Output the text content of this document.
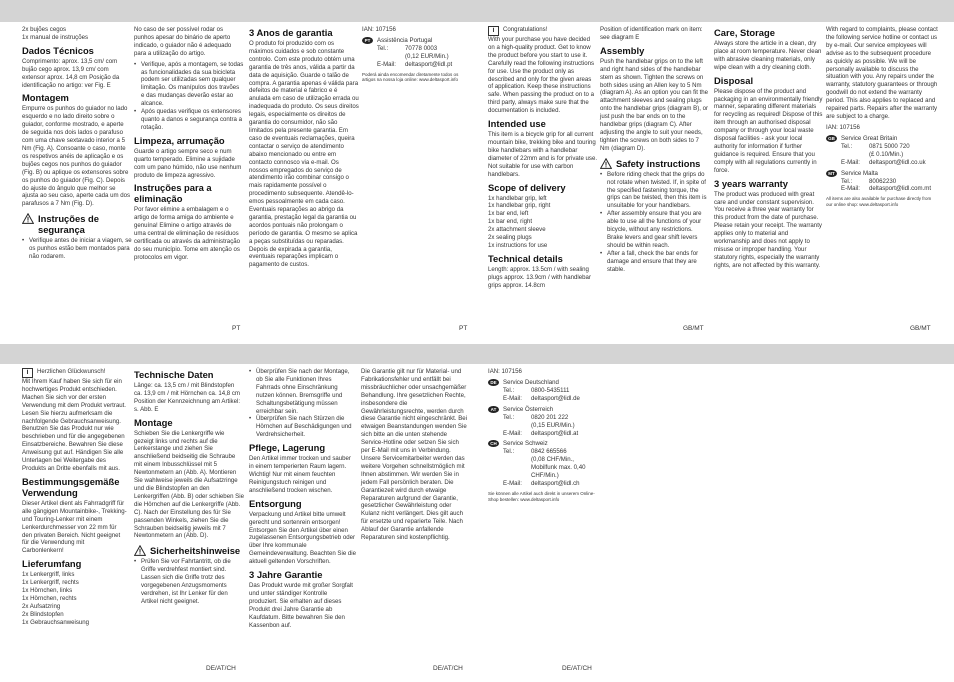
2x bujões cegos
1x manual de instruções

Dados Técnicos

Comprimento: aprox. 13,5 cm/ com bujão cego aprox. 13,9 cm/ com extensor aprox. 14,8 cm Posição da identificação no artigo: ver Fig. E

Montagem

Empurre os punhos do guiador no lado esquerdo e no lado direito sobre o guiador, conforme mostrado, e aperte de seguida nos dois lados o parafuso com uma chave sextavado interior a 5 Nm (Fig. A). Consoante o caso, monte os respetivos anéis de aplicação e os bujões cegos nos punhos do guiador (Fig. B) ou aplique os extensores sobre os punhos do guiador (Fig. C). Depois do ajuste do ângulo que melhor se ajusta ao seu caso, aperte cada um dos parafusos a 7 Nm (Fig. D).

Instruções de segurança
• Verifique antes de iniciar a viagem, se os punhos estão bem montados para não rodarem.

No caso de ser possível rodar os punhos apesar do binário de aperto indicado, o guiador não é adequado para a utilização do artigo.

• Verifique, após a montagem, se todas as funcionalidades da sua bicicleta podem ser utilizadas sem qualquer limitação. Os manípulos dos travões e das mudanças deverão estar ao alcance.
• Após quedas verifique os extensores quanto a danos e segurança contra a rotação.
Limpeza, arrumação

Guarde o artigo sempre seco e num quarto temperado. Elimine a sujidade com um pano húmido, não use nenhum produto de limpeza agressivo.

Instruções para a eliminação

Por favor elimine a embalagem e o artigo de forma amiga do ambiente e genuína! Elimine o artigo através de uma central de eliminação de resíduos certificada ou através da administração do seu município. Tome em atenção os protocolos em vigor.

3 Anos de garantia

O produto foi produzido com os máximos cuidados e sob constante controlo. Com este produto obtém uma garantia de três anos, válida a partir da data de aquisição. Guarde o talão de compra. A garantia apenas é válida para defeitos de material e fabrico e é anulada em caso de utilização errada ou inadequada do produto. Os seus direitos legais, especialmente os direitos de garantia do consumidor, não são limitados pela presente garantia. Em caso de eventuais reclamações, queira contactar o serviço de atendimento abaixo mencionado ou entre em contacto connosco via e-mail. Os nossos empregados do serviço de atendimento irão combinar consigo o mais rapidamente possível o procedimento subsequente. Atendê-lo-emos pessoalmente em cada caso. Eventuais reparações ao abrigo da garantia, prestação legal da garantia ou acordos pontuais não prolongam o período de garantia. O mesmo se aplica a peças substituídas ou reparadas. Depois de expirada a garantia, eventuais reparações implicam o pagamento de custos.

IAN: 107156

PT Assistência Portugal
Tel.:	70778 0003
(0,12 EUR/Min.)
E-Mail:	deltasport@lidl.pt

Poderá ainda encomendar diretamente todos os artigos na nossa loja online: www.deltasport.info

i	Congratulations!

With your purchase you have decided on a high-quality product. Get to know the product before you start to use it. Carefully read the following instructions for use. Use the product only as described and only for the given areas of application. Keep these instructions safe. When passing the product on to a third party, always make sure that the documentation is included.

Intended use

This item is a bicycle grip for all current mountain bike, trekking bike and touring bike handlebars with a handlebar diameter of 22mm and is for private use. Not suitable for use with carbon handlebars.

Scope of delivery

1x handlebar grip, left
1x handlebar grip, right
1x bar end, left
1x bar end, right
2x attachment sleeve
2x sealing plugs
1x instructions for use

Technical details

Length: approx. 13.5cm / with sealing plugs approx. 13.9cm / with handlebar grips approx. 14.8cm

Position of identification mark on item: see diagram E

Assembly

Push the handlebar grips on to the left and right hand sides of the handlebar stem as shown. Tighten the screws on both sides using an Allen key to 5 Nm (diagram A). As an option you can fit the attachment sleeves and sealing plugs onto the handlebar grips (diagram B), or just push the bar ends on to the handlebar grips (diagram C). After adjusting the angle to suit your needs, tighten the screws on both sides to 7 Nm (diagram D).

Safety instructions
• Before riding check that the grips do not rotate when twisted. If, in spite of the specified fastening torque, the grips can be twisted, then this item is unsuitable for your handlebars.
• After assembly ensure that you are able to use all the functions of your bicycle, without any restrictions. Brake levers and gear shift levers should be within reach.
• After a fall, check the bar ends for damage and ensure that they are stable.
Care, Storage

Always store the article in a clean, dry place at room temperature. Never clean with abrasive cleaning materials, only wipe clean with a dry cleaning cloth.

Disposal

Please dispose of the product and packaging in an environmentally friendly manner, separating different materials for recycling as required! Dispose of this item through an authorised disposal company or through your local waste disposal facilities - ask your local authority for information if further guidance is required. Ensure that you comply with all regulations currently in force.

3 years warranty

The product was produced with great care and under constant supervision. You receive a three year warranty for this product from the date of purchase. Please retain your receipt. The warranty applies only to material and workmanship and does not apply to misuse or improper handling. Your statutory rights, especially the warranty rights, are not affected by this warranty.

With regard to complaints, please contact the following service hotline or contact us by e-mail. Our service employees will advise as to the subsequent procedure as quickly as possible. We will be personally available to discuss the situation with you. Any repairs under the warranty, statutory guarantees or through goodwill do not extend the warranty period. This also applies to replaced and repaired parts. Repairs after the warranty are subject to a charge.

IAN: 107156

GB Service Great Britain
Tel.:	0871 5000 720
(£ 0.10/Min.)
E-Mail:	deltasport@lidl.co.uk
MT Service Malta
Tel.:	80062230
E-Mail:	deltasport@lidl.com.mt

All items are also available for purchase directly from our online shop: www.deltasport.info

PT	PT	GB/MT	GB/MT
i	Herzlichen Glückwunsch!

Mit Ihrem Kauf haben Sie sich für ein hochwertiges Produkt entschieden. Machen Sie sich vor der ersten Verwendung mit dem Produkt vertraut. Lesen Sie hierzu aufmerksam die nachfolgende Gebrauchsanweisung. Benutzen Sie das Produkt nur wie beschrieben und für die angegebenen Einsatzbereiche. Bewahren Sie diese Anweisung gut auf. Händigen Sie alle Unterlagen bei Weitergabe des Produkts an Dritte ebenfalls mit aus.

Bestimmungsgemäße Verwendung

Dieser Artikel dient als Fahrradgriff für alle gängigen Mountainbike-, Trekking- und Touring-Lenker mit einem Lenkerdurchmesser von 22 mm für den privaten Bereich. Nicht geeignet für die Verwendung mit Carbonlenkern!

Lieferumfang

1x Lenkergriff, links
1x Lenkergriff, rechts
1x Hörnchen, links
1x Hörnchen, rechts
2x Aufsatzring
2x Blindstopfen
1x Gebrauchsanweisung

Technische Daten

Länge: ca. 13,5 cm / mit Blindstopfen ca. 13,9 cm / mit Hörnchen ca. 14,8 cm Position der Kennzeichnung am Artikel: s. Abb. E

Montage

Schieben Sie die Lenkergriffe wie gezeigt links und rechts auf die Lenkerstange und ziehen Sie anschließend beidseitig die Schraube mit einem Inbusschlüssel mit 5 Newtonmetern an (Abb. A). Montieren Sie wahlweise jeweils die Aufsatzringe und die Blindstopfen an den Lenkergriffen (Abb. B) oder schieben Sie die Hörnchen auf die Lenkergriffe (Abb. C). Nach der Einstellung des für Sie passenden Winkels, ziehen Sie die Schrauben beidseitig jeweils mit 7 Newtonmetern an (Abb. D).

Sicherheitshinweise
• Prüfen Sie vor Fahrtantritt, ob die Griffe verdrehfest montiert sind. Lassen sich die Griffe trotz des vorgegebenen Anzugsmoments verdrehen, ist Ihr Lenker für den Artikel nicht geeignet.
• Überprüfen Sie nach der Montage, ob Sie alle Funktionen Ihres Fahrrads ohne Einschränkung nutzen können. Bremsgriffe und Schaltungsbetätigung müssen erreichbar sein.
• Überprüfen Sie nach Stürzen die Hörnchen auf Beschädigungen und Verdrehsicherheit.
Pflege, Lagerung

Den Artikel immer trocken und sauber in einem temperierten Raum lagern. Wichtig! Nur mit einem feuchten Reinigungstuch reinigen und anschließend trocken wischen.

Entsorgung

Verpackung und Artikel bitte umwelt gerecht und sortenrein entsorgen! Entsorgen Sie den Artikel über einen zugelassenen Entsorgungsbetrieb oder über Ihre kommunale Gemeindeverwaltung. Beachten Sie die aktuell geltenden Vorschriften.

3 Jahre Garantie

Das Produkt wurde mit großer Sorgfalt und unter ständiger Kontrolle produziert. Sie erhalten auf dieses Produkt drei Jahre Garantie ab Kaufdatum. Bitte bewahren Sie den Kassenbon auf.

Die Garantie gilt nur für Material- und Fabrikationsfehler und entfällt bei missbräuchlicher oder unsachgemäßer Behandlung. Ihre gesetzlichen Rechte, insbesondere die Gewährleistungsrechte, werden durch diese Garantie nicht eingeschränkt. Bei etwaigen Beanstandungen wenden Sie sich bitte an die unten stehende Service-Hotline oder setzen Sie sich per E-Mail mit uns in Verbindung. Unsere Servicemitarbeiter werden das weitere Vorgehen schnellstmöglich mit Ihnen abstimmen. Wir werden Sie in jedem Fall persönlich beraten. Die Garantiezeit wird durch etwaige Reparaturen aufgrund der Garantie, gesetzlicher Gewährleistung oder Kulanz nicht verlängert. Dies gilt auch für ersetzte und reparierte Teile. Nach Ablauf der Garantie anfallende Reparaturen sind kostenpflichtig.

IAN: 107156

DE Service Deutschland
Tel.:	0800-5435111
E-Mail:	deltasport@lidl.de
AT Service Österreich
Tel.:	0820 201 222
(0,15 EUR/Min.)
E-Mail:	deltasport@lidl.at
CH Service Schweiz
Tel.:	0842 665566
(0,08 CHF/Min., Mobilfunk max. 0,40 CHF/Min.)
E-Mail:	deltasport@lidl.ch

Sie können alle Artikel auch direkt in unserem Online-Shop bestellen: www.deltasport.info

DE/AT/CH	DE/AT/CH	DE/AT/CH
